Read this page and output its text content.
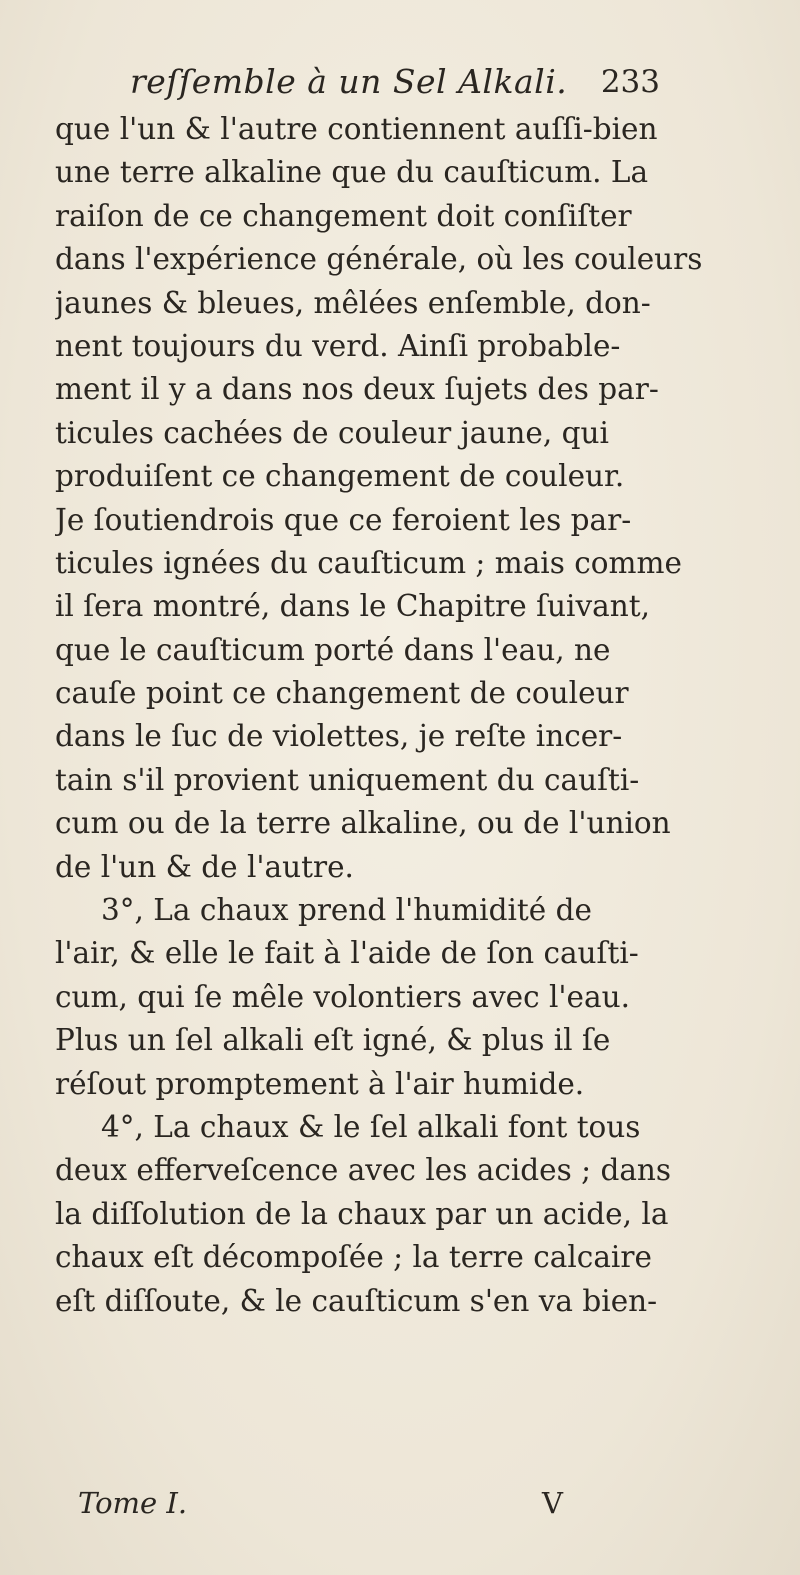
reſſemble à un Sel Alkali. 233
que l'un & l'autre contiennent auſſi-bien
une terre alkaline que du cauſticum. La
raiſon de ce changement doit conſiſter
dans l'expérience générale, où les couleurs
jaunes & bleues, mêlées enſemble, don-
nent toujours du verd. Ainſi probable-
ment il y a dans nos deux ſujets des par-
ticules cachées de couleur jaune, qui
produiſent ce changement de couleur.
Je ſoutiendrois que ce feroient les par-
ticules ignées du cauſticum ; mais comme
il ſera montré, dans le Chapitre ſuivant,
que le cauſticum porté dans l'eau, ne
cauſe point ce changement de couleur
dans le ſuc de violettes, je reſte incer-
tain s'il provient uniquement du cauſti-
cum ou de la terre alkaline, ou de l'union
de l'un & de l'autre.
3°, La chaux prend l'humidité de
l'air, & elle le fait à l'aide de ſon cauſti-
cum, qui ſe mêle volontiers avec l'eau.
Plus un ſel alkali eſt igné, & plus il ſe
réſout promptement à l'air humide.
4°, La chaux & le ſel alkali font tous
deux efferveſcence avec les acides ; dans
la diſſolution de la chaux par un acide, la
chaux eſt décompoſée ; la terre calcaire
eſt diſſoute, & le cauſticum s'en va bien-
Tome I.	V
